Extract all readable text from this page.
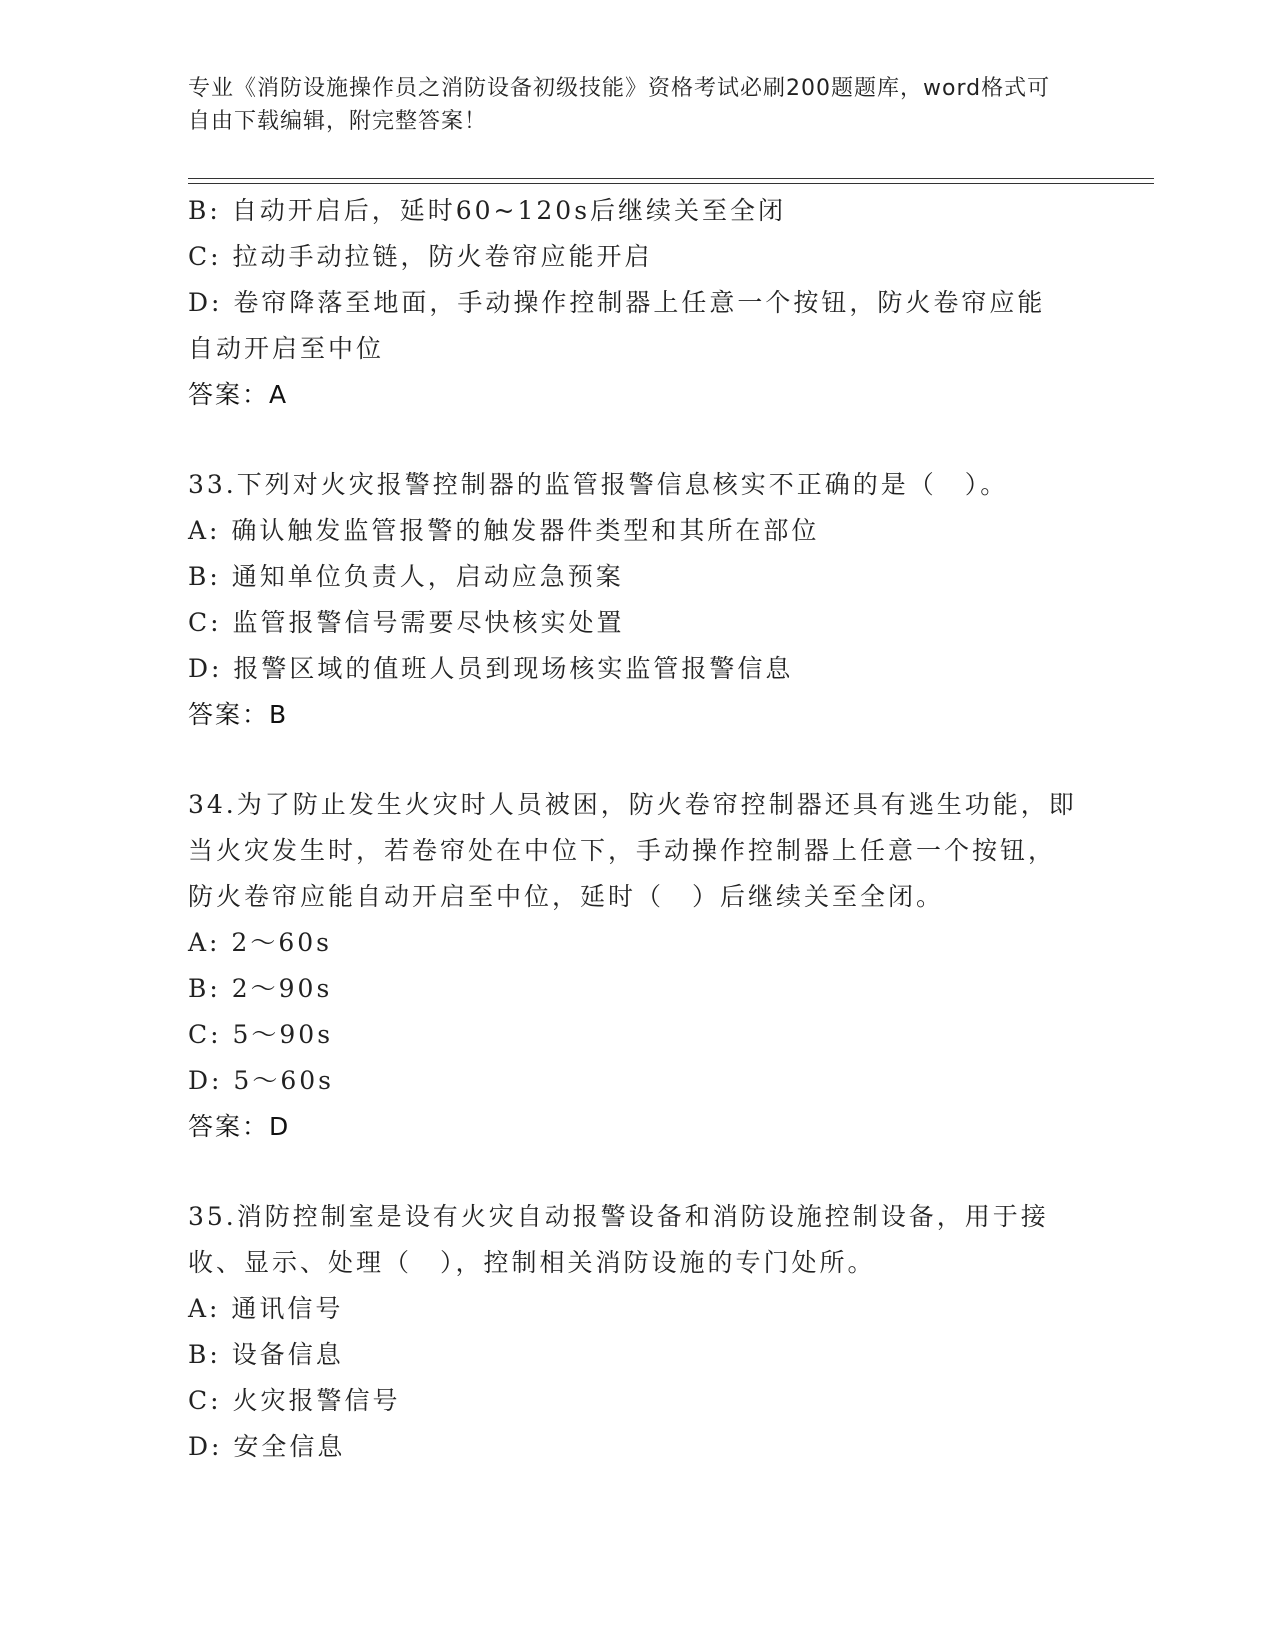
专业《消防设施操作员之消防设备初级技能》资格考试必刷200题题库，word格式可自由下载编辑，附完整答案！
B: 自动开启后，延时60~120s后继续关至全闭
C: 拉动手动拉链，防火卷帘应能开启
D: 卷帘降落至地面，手动操作控制器上任意一个按钮，防火卷帘应能
自动开启至中位
答案：A
33.下列对火灾报警控制器的监管报警信息核实不正确的是（　）。
A: 确认触发监管报警的触发器件类型和其所在部位
B: 通知单位负责人，启动应急预案
C: 监管报警信号需要尽快核实处置
D: 报警区域的值班人员到现场核实监管报警信息
答案：B
34.为了防止发生火灾时人员被困，防火卷帘控制器还具有逃生功能，即当火灾发生时，若卷帘处在中位下，手动操作控制器上任意一个按钮，防火卷帘应能自动开启至中位，延时（　）后继续关至全闭。
A: 2～60s
B: 2～90s
C: 5～90s
D: 5～60s
答案：D
35.消防控制室是设有火灾自动报警设备和消防设施控制设备，用于接收、显示、处理（　），控制相关消防设施的专门处所。
A: 通讯信号
B: 设备信息
C: 火灾报警信号
D: 安全信息
